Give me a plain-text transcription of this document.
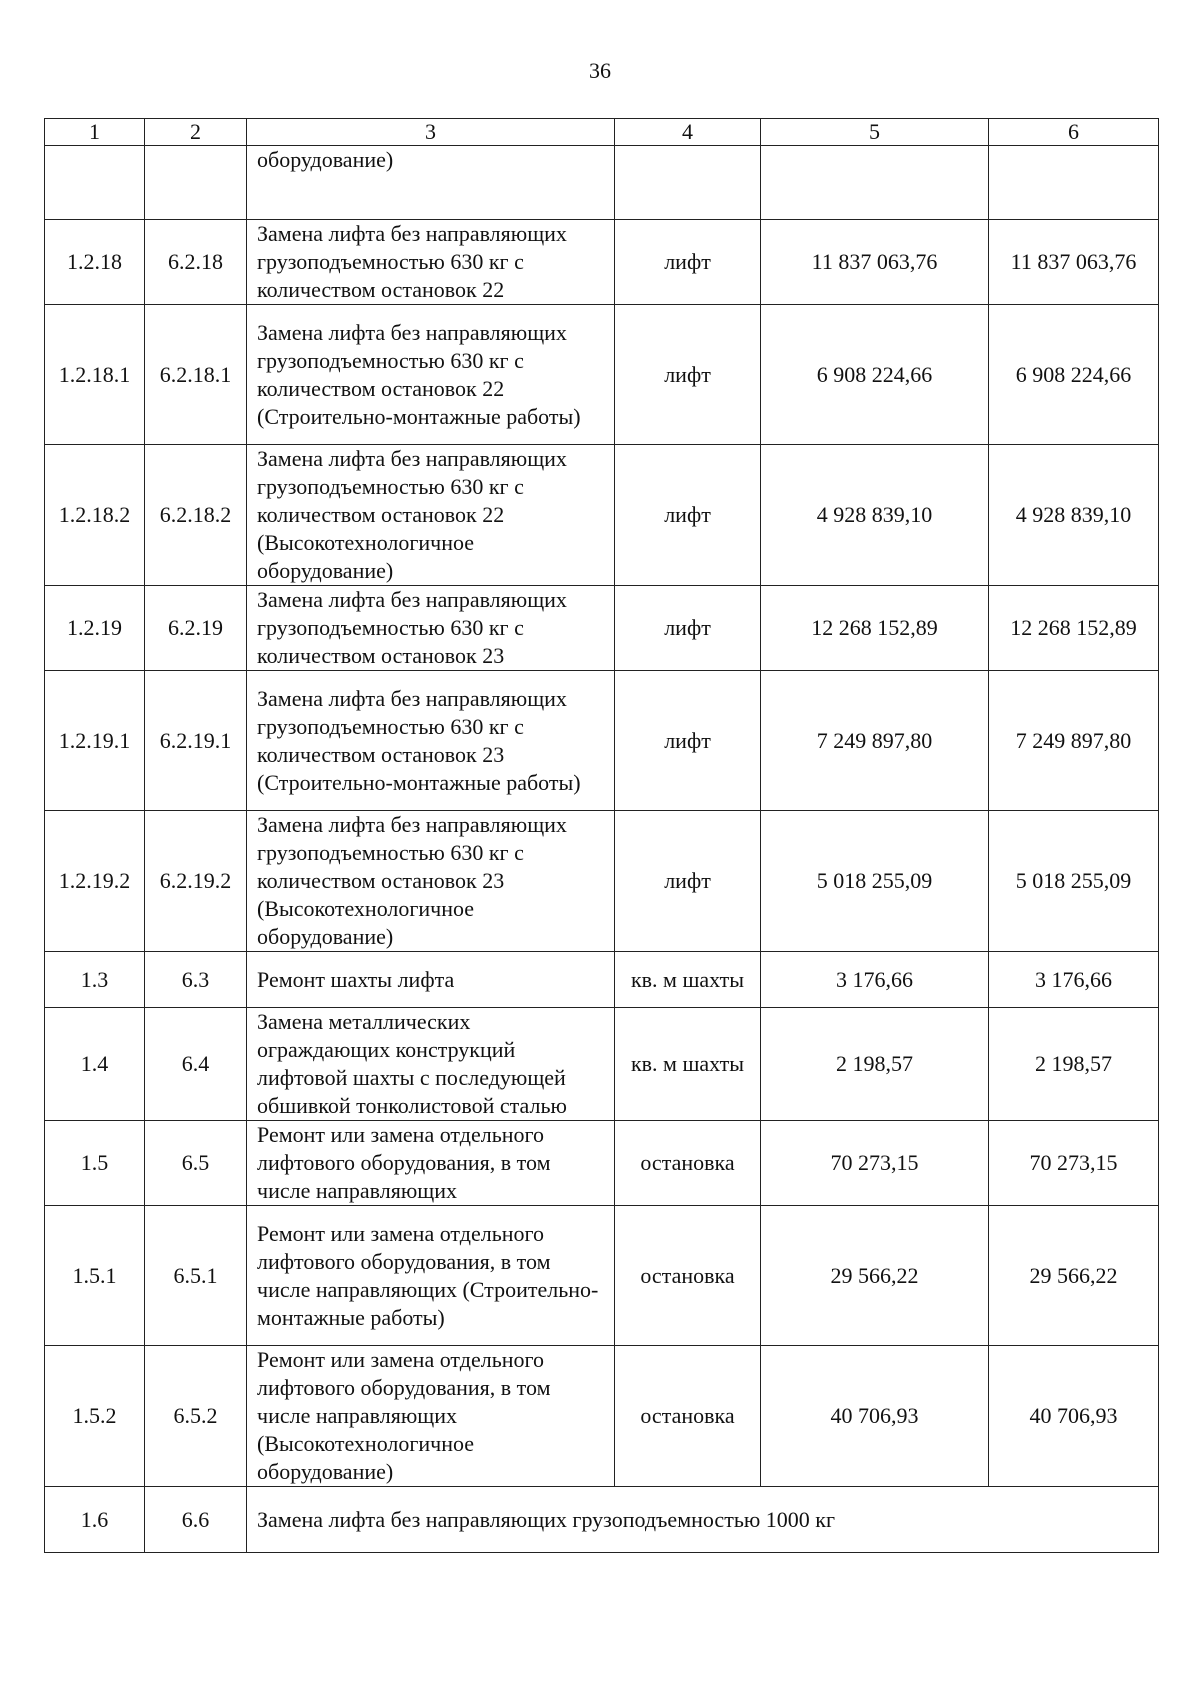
36
1	2	3	4	5	6
		оборудование)			
1.2.18	6.2.18	Замена лифта без направляющих грузоподъемностью 630 кг с количеством остановок 22	лифт	11 837 063,76	11 837 063,76
1.2.18.1	6.2.18.1	Замена лифта без направляющих грузоподъемностью 630 кг с количеством остановок 22 (Строительно-монтажные работы)	лифт	6 908 224,66	6 908 224,66
1.2.18.2	6.2.18.2	Замена лифта без направляющих грузоподъемностью 630 кг с количеством остановок 22 (Высокотехнологичное оборудование)	лифт	4 928 839,10	4 928 839,10
1.2.19	6.2.19	Замена лифта без направляющих грузоподъемностью 630 кг с количеством остановок 23	лифт	12 268 152,89	12 268 152,89
1.2.19.1	6.2.19.1	Замена лифта без направляющих грузоподъемностью 630 кг с количеством остановок 23 (Строительно-монтажные работы)	лифт	7 249 897,80	7 249 897,80
1.2.19.2	6.2.19.2	Замена лифта без направляющих грузоподъемностью 630 кг с количеством остановок 23 (Высокотехнологичное оборудование)	лифт	5 018 255,09	5 018 255,09
1.3	6.3	Ремонт шахты лифта	кв. м шахты	3 176,66	3 176,66
1.4	6.4	Замена металлических ограждающих конструкций лифтовой шахты с последующей обшивкой тонколистовой сталью	кв. м шахты	2 198,57	2 198,57
1.5	6.5	Ремонт или замена отдельного лифтового оборудования, в том числе направляющих	остановка	70 273,15	70 273,15
1.5.1	6.5.1	Ремонт или замена отдельного лифтового оборудования, в том числе направляющих (Строительно-монтажные работы)	остановка	29 566,22	29 566,22
1.5.2	6.5.2	Ремонт или замена отдельного лифтового оборудования, в том числе направляющих (Высокотехнологичное оборудование)	остановка	40 706,93	40 706,93
1.6	6.6	Замена лифта без направляющих грузоподъемностью 1000 кг			
